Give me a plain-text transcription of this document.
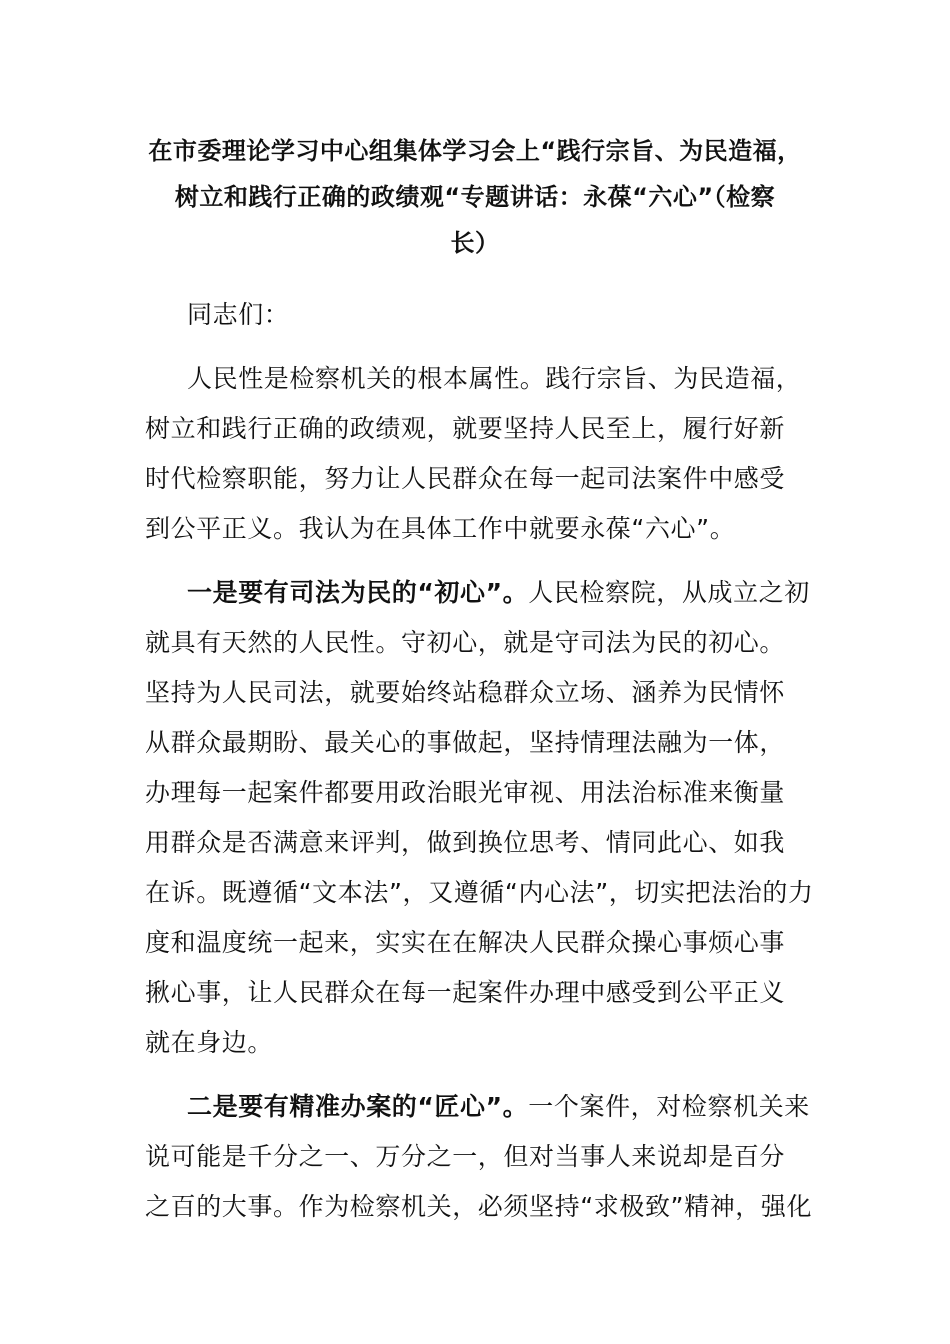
在市委理论学习中心组集体学习会上“践行宗旨、为民造福，
树立和践行正确的政绩观“专题讲话：永葆“六心”（检察
长）
同志们：
人民性是检察机关的根本属性。践行宗旨、为民造福，
树立和践行正确的政绩观，就要坚持人民至上，履行好新
时代检察职能，努力让人民群众在每一起司法案件中感受
到公平正义。我认为在具体工作中就要永葆“六心”。
一是要有司法为民的“初心”。人民检察院，从成立之初
就具有天然的人民性。守初心，就是守司法为民的初心。
坚持为人民司法，就要始终站稳群众立场、涵养为民情怀
从群众最期盼、最关心的事做起，坚持情理法融为一体，
办理每一起案件都要用政治眼光审视、用法治标准来衡量
用群众是否满意来评判，做到换位思考、情同此心、如我
在诉。既遵循“文本法”，又遵循“内心法”，切实把法治的力
度和温度统一起来，实实在在解决人民群众操心事烦心事
揪心事，让人民群众在每一起案件办理中感受到公平正义
就在身边。
二是要有精准办案的“匠心”。一个案件，对检察机关来
说可能是千分之一、万分之一，但对当事人来说却是百分
之百的大事。作为检察机关，必须坚持“求极致”精神，强化
